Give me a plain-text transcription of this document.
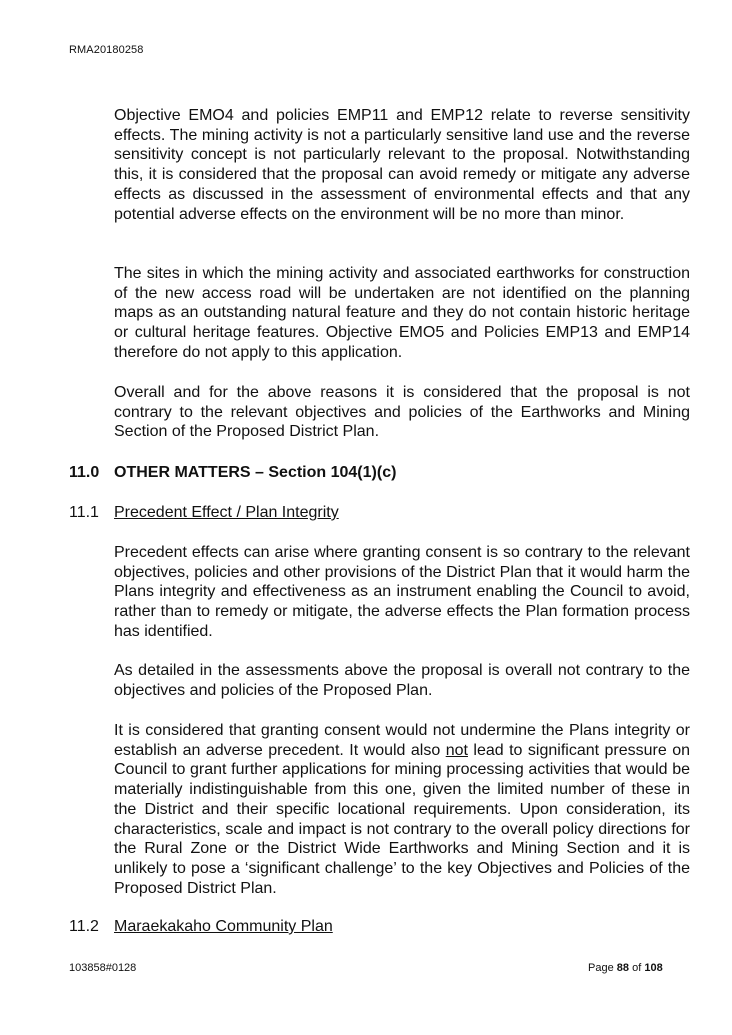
RMA20180258

Objective EMO4 and policies EMP11 and EMP12 relate to reverse sensitivity effects. The mining activity is not a particularly sensitive land use and the reverse sensitivity concept is not particularly relevant to the proposal. Notwithstanding this, it is considered that the proposal can avoid remedy or mitigate any adverse effects as discussed in the assessment of environmental effects and that any potential adverse effects on the environment will be no more than minor.

The sites in which the mining activity and associated earthworks for construction of the new access road will be undertaken are not identified on the planning maps as an outstanding natural feature and they do not contain historic heritage or cultural heritage features. Objective EMO5 and Policies EMP13 and EMP14 therefore do not apply to this application.

Overall and for the above reasons it is considered that the proposal is not contrary to the relevant objectives and policies of the Earthworks and Mining Section of the Proposed District Plan.

11.0 OTHER MATTERS – Section 104(1)(c)
11.1 Precedent Effect / Plan Integrity

Precedent effects can arise where granting consent is so contrary to the relevant objectives, policies and other provisions of the District Plan that it would harm the Plans integrity and effectiveness as an instrument enabling the Council to avoid, rather than to remedy or mitigate, the adverse effects the Plan formation process has identified.

As detailed in the assessments above the proposal is overall not contrary to the objectives and policies of the Proposed Plan.

It is considered that granting consent would not undermine the Plans integrity or establish an adverse precedent. It would also not lead to significant pressure on Council to grant further applications for mining processing activities that would be materially indistinguishable from this one, given the limited number of these in the District and their specific locational requirements. Upon consideration, its characteristics, scale and impact is not contrary to the overall policy directions for the Rural Zone or the District Wide Earthworks and Mining Section and it is unlikely to pose a ‘significant challenge’ to the key Objectives and Policies of the Proposed District Plan.

11.2 Maraekakaho Community Plan
103858#0128	Page 88 of 108
